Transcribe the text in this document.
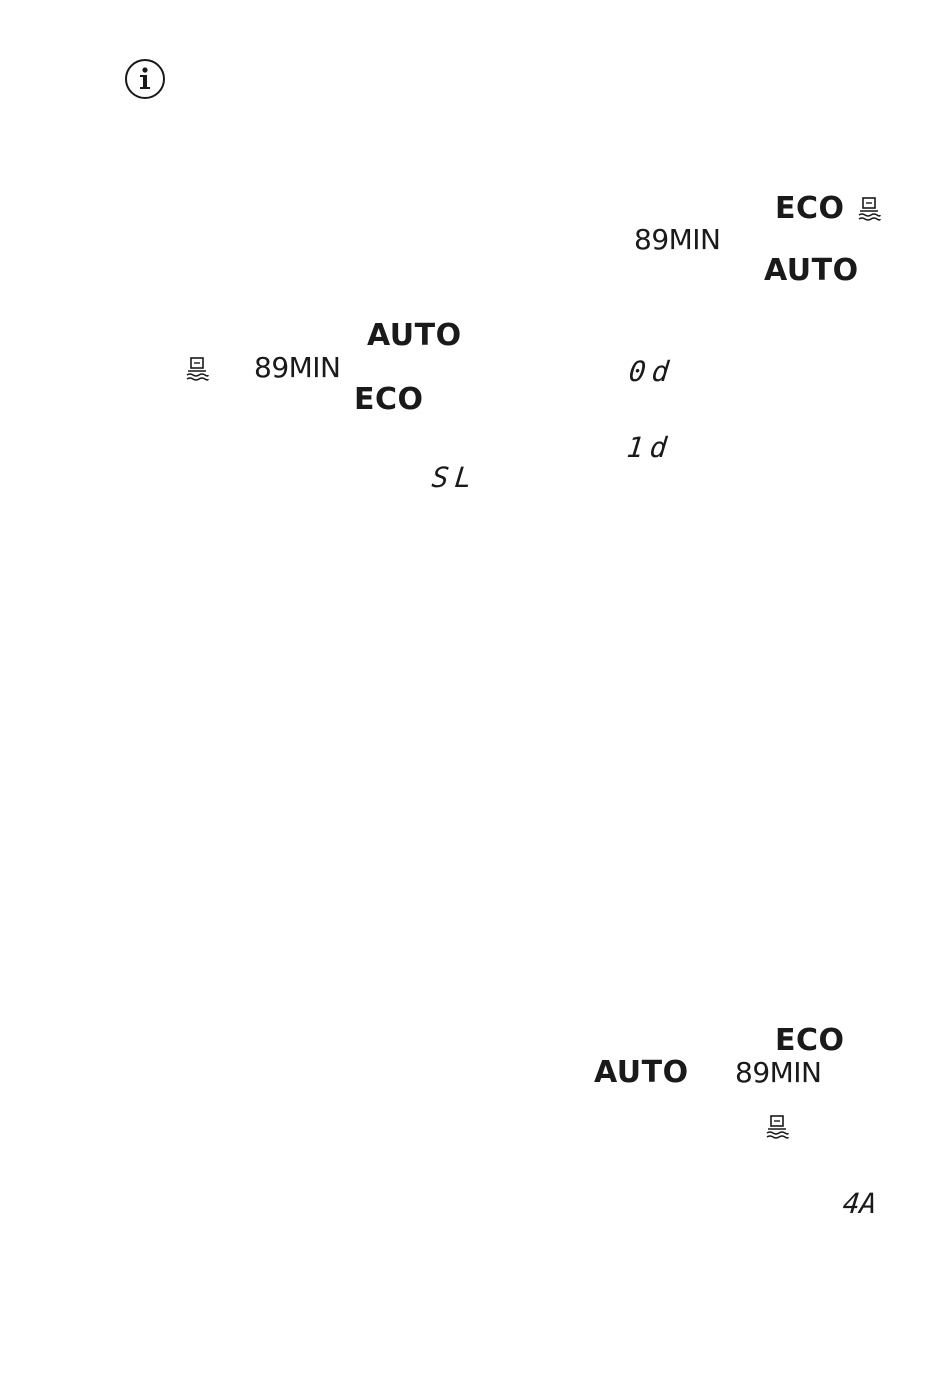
ECO
89MIN
AUTO
AUTO
89MIN
ECO
SL
0d
1d
ECO
AUTO 89MIN
4A
